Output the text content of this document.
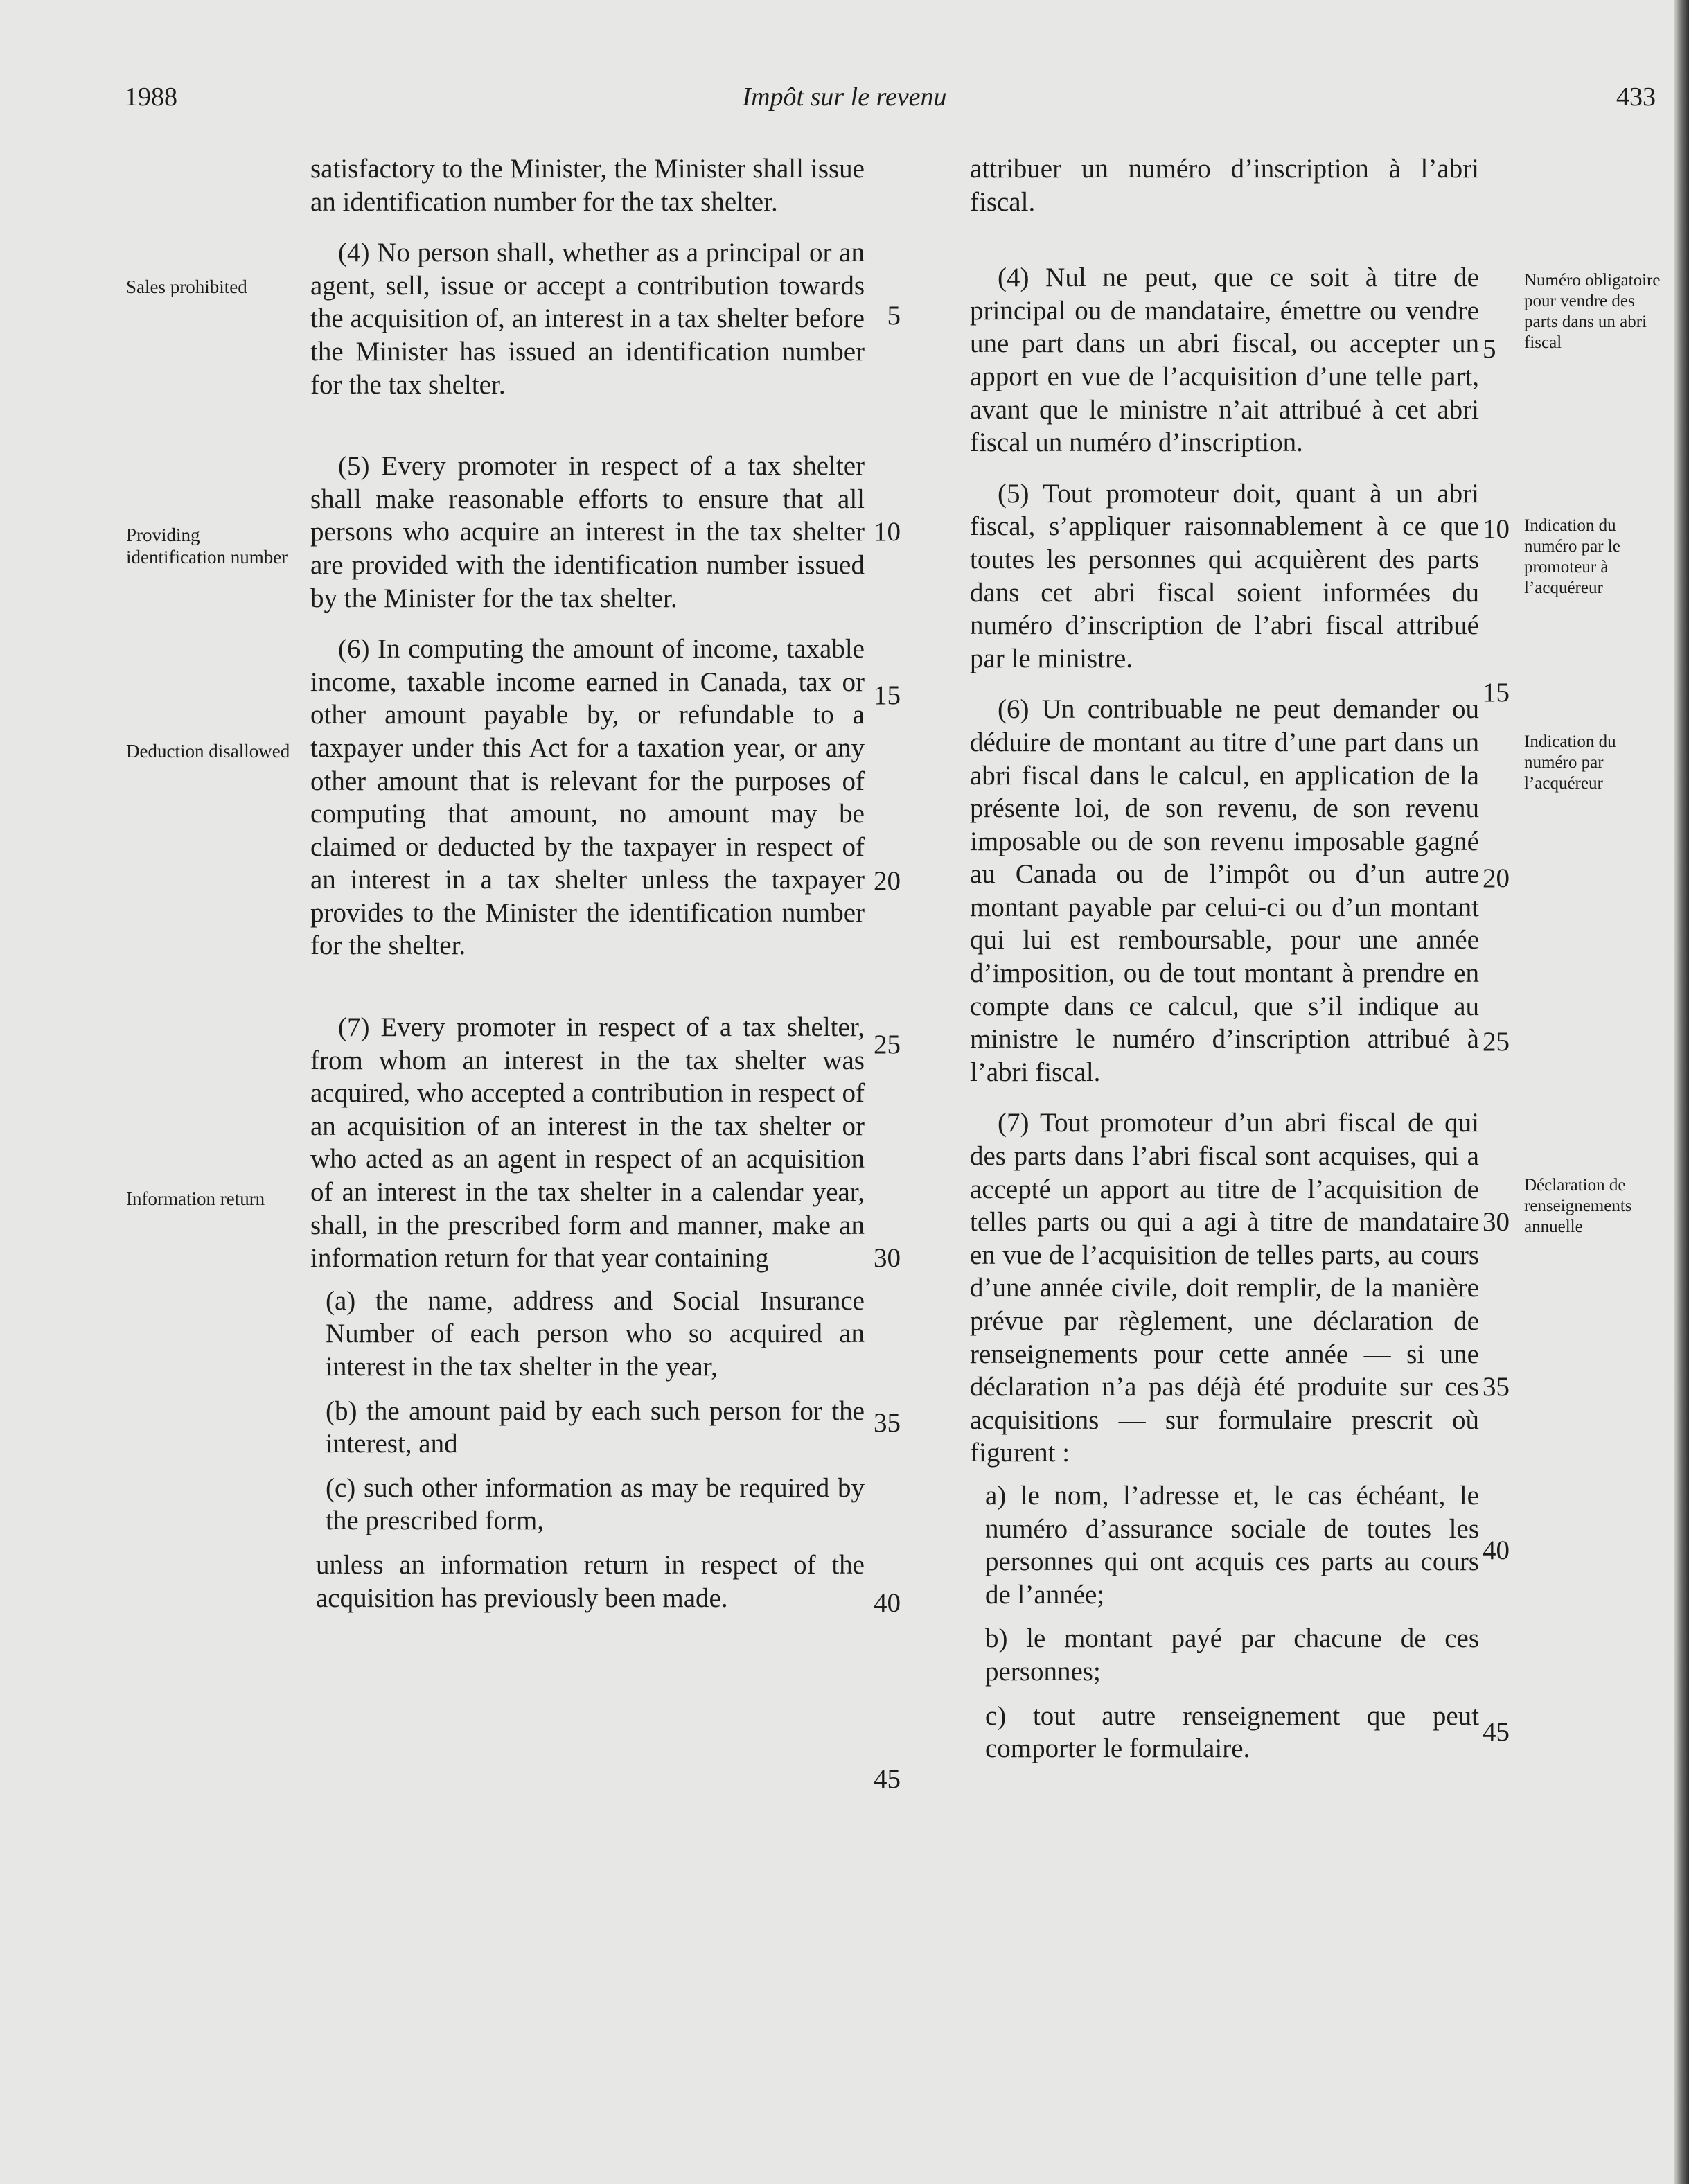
Impôt sur le revenu
1988	433
Sales prohibited
Providing identification number
Deduction disallowed
Information return

satisfactory to the Minister, the Minister shall issue an identification number for the tax shelter.

(4) No person shall, whether as a principal or an agent, sell, issue or accept a contribution towards the acquisition of, an interest in a tax shelter before the Minister has issued an identification number for the tax shelter.

(5) Every promoter in respect of a tax shelter shall make reasonable efforts to ensure that all persons who acquire an interest in the tax shelter are provided with the identification number issued by the Minister for the tax shelter.

(6) In computing the amount of income, taxable income, taxable income earned in Canada, tax or other amount payable by, or refundable to a taxpayer under this Act for a taxation year, or any other amount that is relevant for the purposes of computing that amount, no amount may be claimed or deducted by the taxpayer in respect of an interest in a tax shelter unless the taxpayer provides to the Minister the identification number for the shelter.

(7) Every promoter in respect of a tax shelter, from whom an interest in the tax shelter was acquired, who accepted a contribution in respect of an acquisition of an interest in the tax shelter or who acted as an agent in respect of an acquisition of an interest in the tax shelter in a calendar year, shall, in the prescribed form and manner, make an information return for that year containing

(a) the name, address and Social Insurance Number of each person who so acquired an interest in the tax shelter in the year,

(b) the amount paid by each such person for the interest, and

(c) such other information as may be required by the prescribed form,

unless an information return in respect of the acquisition has previously been made.

5
10
15
20
25
30
35
40
45

attribuer un numéro d’inscription à l’abri fiscal.

(4) Nul ne peut, que ce soit à titre de principal ou de mandataire, émettre ou vendre une part dans un abri fiscal, ou accepter un apport en vue de l’acquisition d’une telle part, avant que le ministre n’ait attribué à cet abri fiscal un numéro d’inscription.

(5) Tout promoteur doit, quant à un abri fiscal, s’appliquer raisonnablement à ce que toutes les personnes qui acquièrent des parts dans cet abri fiscal soient informées du numéro d’inscription de l’abri fiscal attribué par le ministre.

(6) Un contribuable ne peut demander ou déduire de montant au titre d’une part dans un abri fiscal dans le calcul, en application de la présente loi, de son revenu, de son revenu imposable ou de son revenu imposable gagné au Canada ou de l’impôt ou d’un autre montant payable par celui-ci ou d’un montant qui lui est remboursable, pour une année d’imposition, ou de tout montant à prendre en compte dans ce calcul, que s’il indique au ministre le numéro d’inscription attribué à l’abri fiscal.

(7) Tout promoteur d’un abri fiscal de qui des parts dans l’abri fiscal sont acquises, qui a accepté un apport au titre de l’acquisition de telles parts ou qui a agi à titre de mandataire en vue de l’acquisition de telles parts, au cours d’une année civile, doit remplir, de la manière prévue par règlement, une déclaration de renseignements pour cette année — si une déclaration n’a pas déjà été produite sur ces acquisitions — sur formulaire prescrit où figurent :

a) le nom, l’adresse et, le cas échéant, le numéro d’assurance sociale de toutes les personnes qui ont acquis ces parts au cours de l’année;

b) le montant payé par chacune de ces personnes;

c) tout autre renseignement que peut comporter le formulaire.

5
10
15
20
25
30
35
40
45
Numéro obligatoire pour vendre des parts dans un abri fiscal
Indication du numéro par le promoteur à l’acquéreur
Indication du numéro par l’acquéreur
Déclaration de renseignements annuelle
